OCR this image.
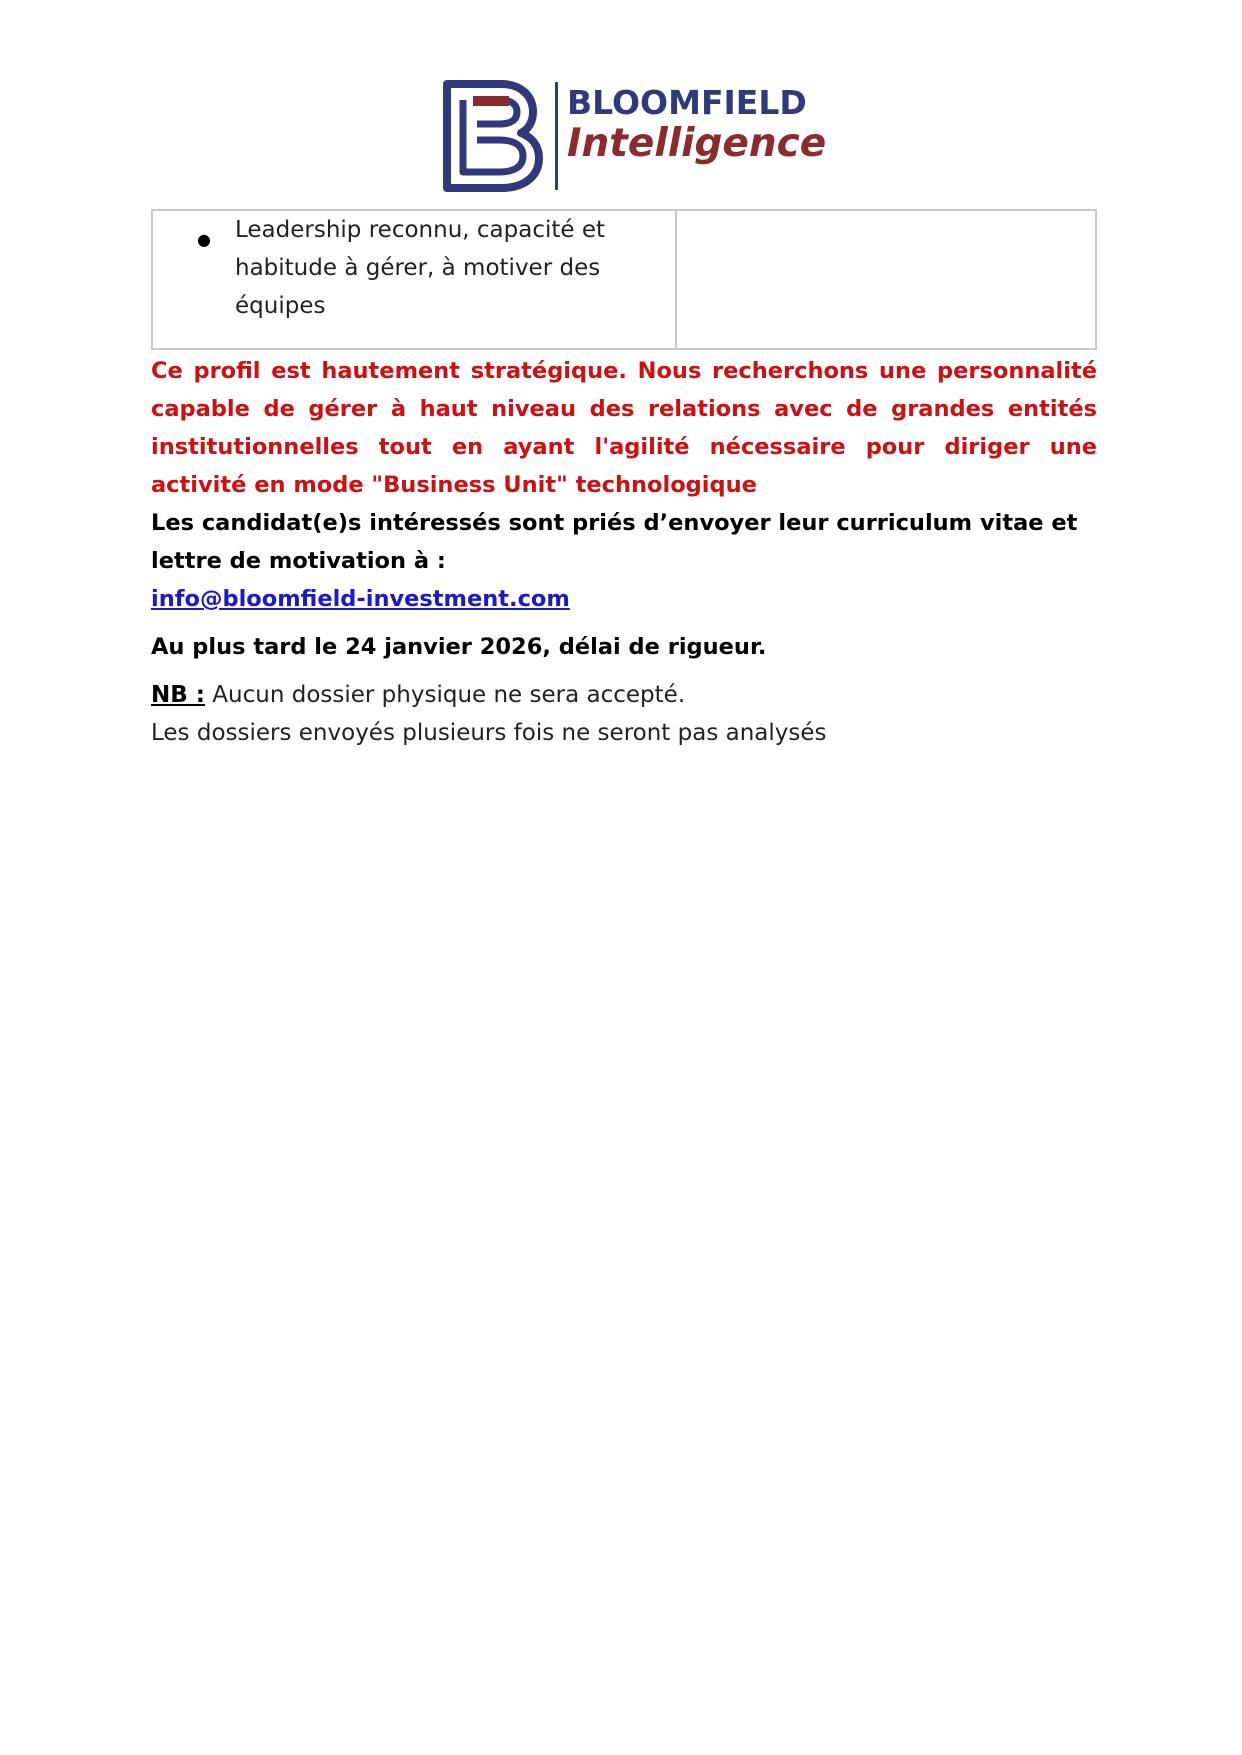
BLOOMFIELD
Intelligence
● Leadership reconnu, capacité et habitude à gérer, à motiver des équipes
Ce profil est hautement stratégique. Nous recherchons une personnalité capable de gérer à haut niveau des relations avec de grandes entités institutionnelles tout en ayant l'agilité nécessaire pour diriger une activité en mode "Business Unit" technologique
Les candidat(e)s intéressés sont priés d’envoyer leur curriculum vitae et lettre de motivation à :
info@bloomfield-investment.com
Au plus tard le 24 janvier 2026, délai de rigueur.
NB : Aucun dossier physique ne sera accepté.
Les dossiers envoyés plusieurs fois ne seront pas analysés
